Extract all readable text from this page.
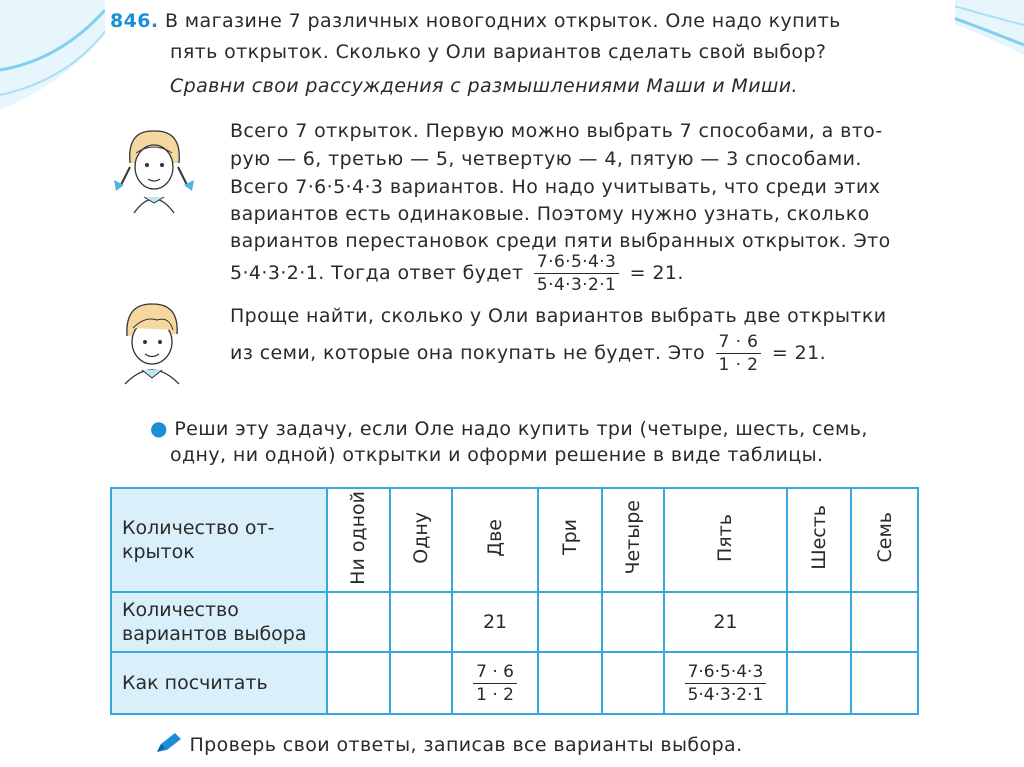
846. В магазине 7 различных новогодних открыток. Оле надо купить
пять открыток. Сколько у Оли вариантов сделать свой выбор?
Сравни свои рассуждения с размышлениями Маши и Миши.
Всего 7 открыток. Первую можно выбрать 7 способами, а вто-
рую — 6, третью — 5, четвертую — 4, пятую — 3 способами.
Всего 7·6·5·4·3 вариантов. Но надо учитывать, что среди этих
вариантов есть одинаковые. Поэтому нужно узнать, сколько
вариантов перестановок среди пяти выбранных открыток. Это
5·4·3·2·1. Тогда ответ будет $\frac{7\cdot 6\cdot 5\cdot 4\cdot 3}{5\cdot 4\cdot 3\cdot 2\cdot 1} = 21$.
Проще найти, сколько у Оли вариантов выбрать две открытки
из семи, которые она покупать не будет. Это $\frac{7 \cdot 6}{1 \cdot 2} = 21$.
● Реши эту задачу, если Оле надо купить три (четыре, шесть, семь,
одну, ни одной) открытки и оформи решение в виде таблицы.
Количество от-крыток	Ни одной	Одну	Две	Три	Четыре	Пять	Шесть	Семь
Количество вариантов выбора			21			21		
Как посчитать			$\frac{7 \cdot 6}{1 \cdot 2}$			$\frac{7\cdot 6\cdot 5\cdot 4\cdot 3}{5\cdot 4\cdot 3\cdot 2\cdot 1}$

Проверь свои ответы, записав все варианты выбора.
